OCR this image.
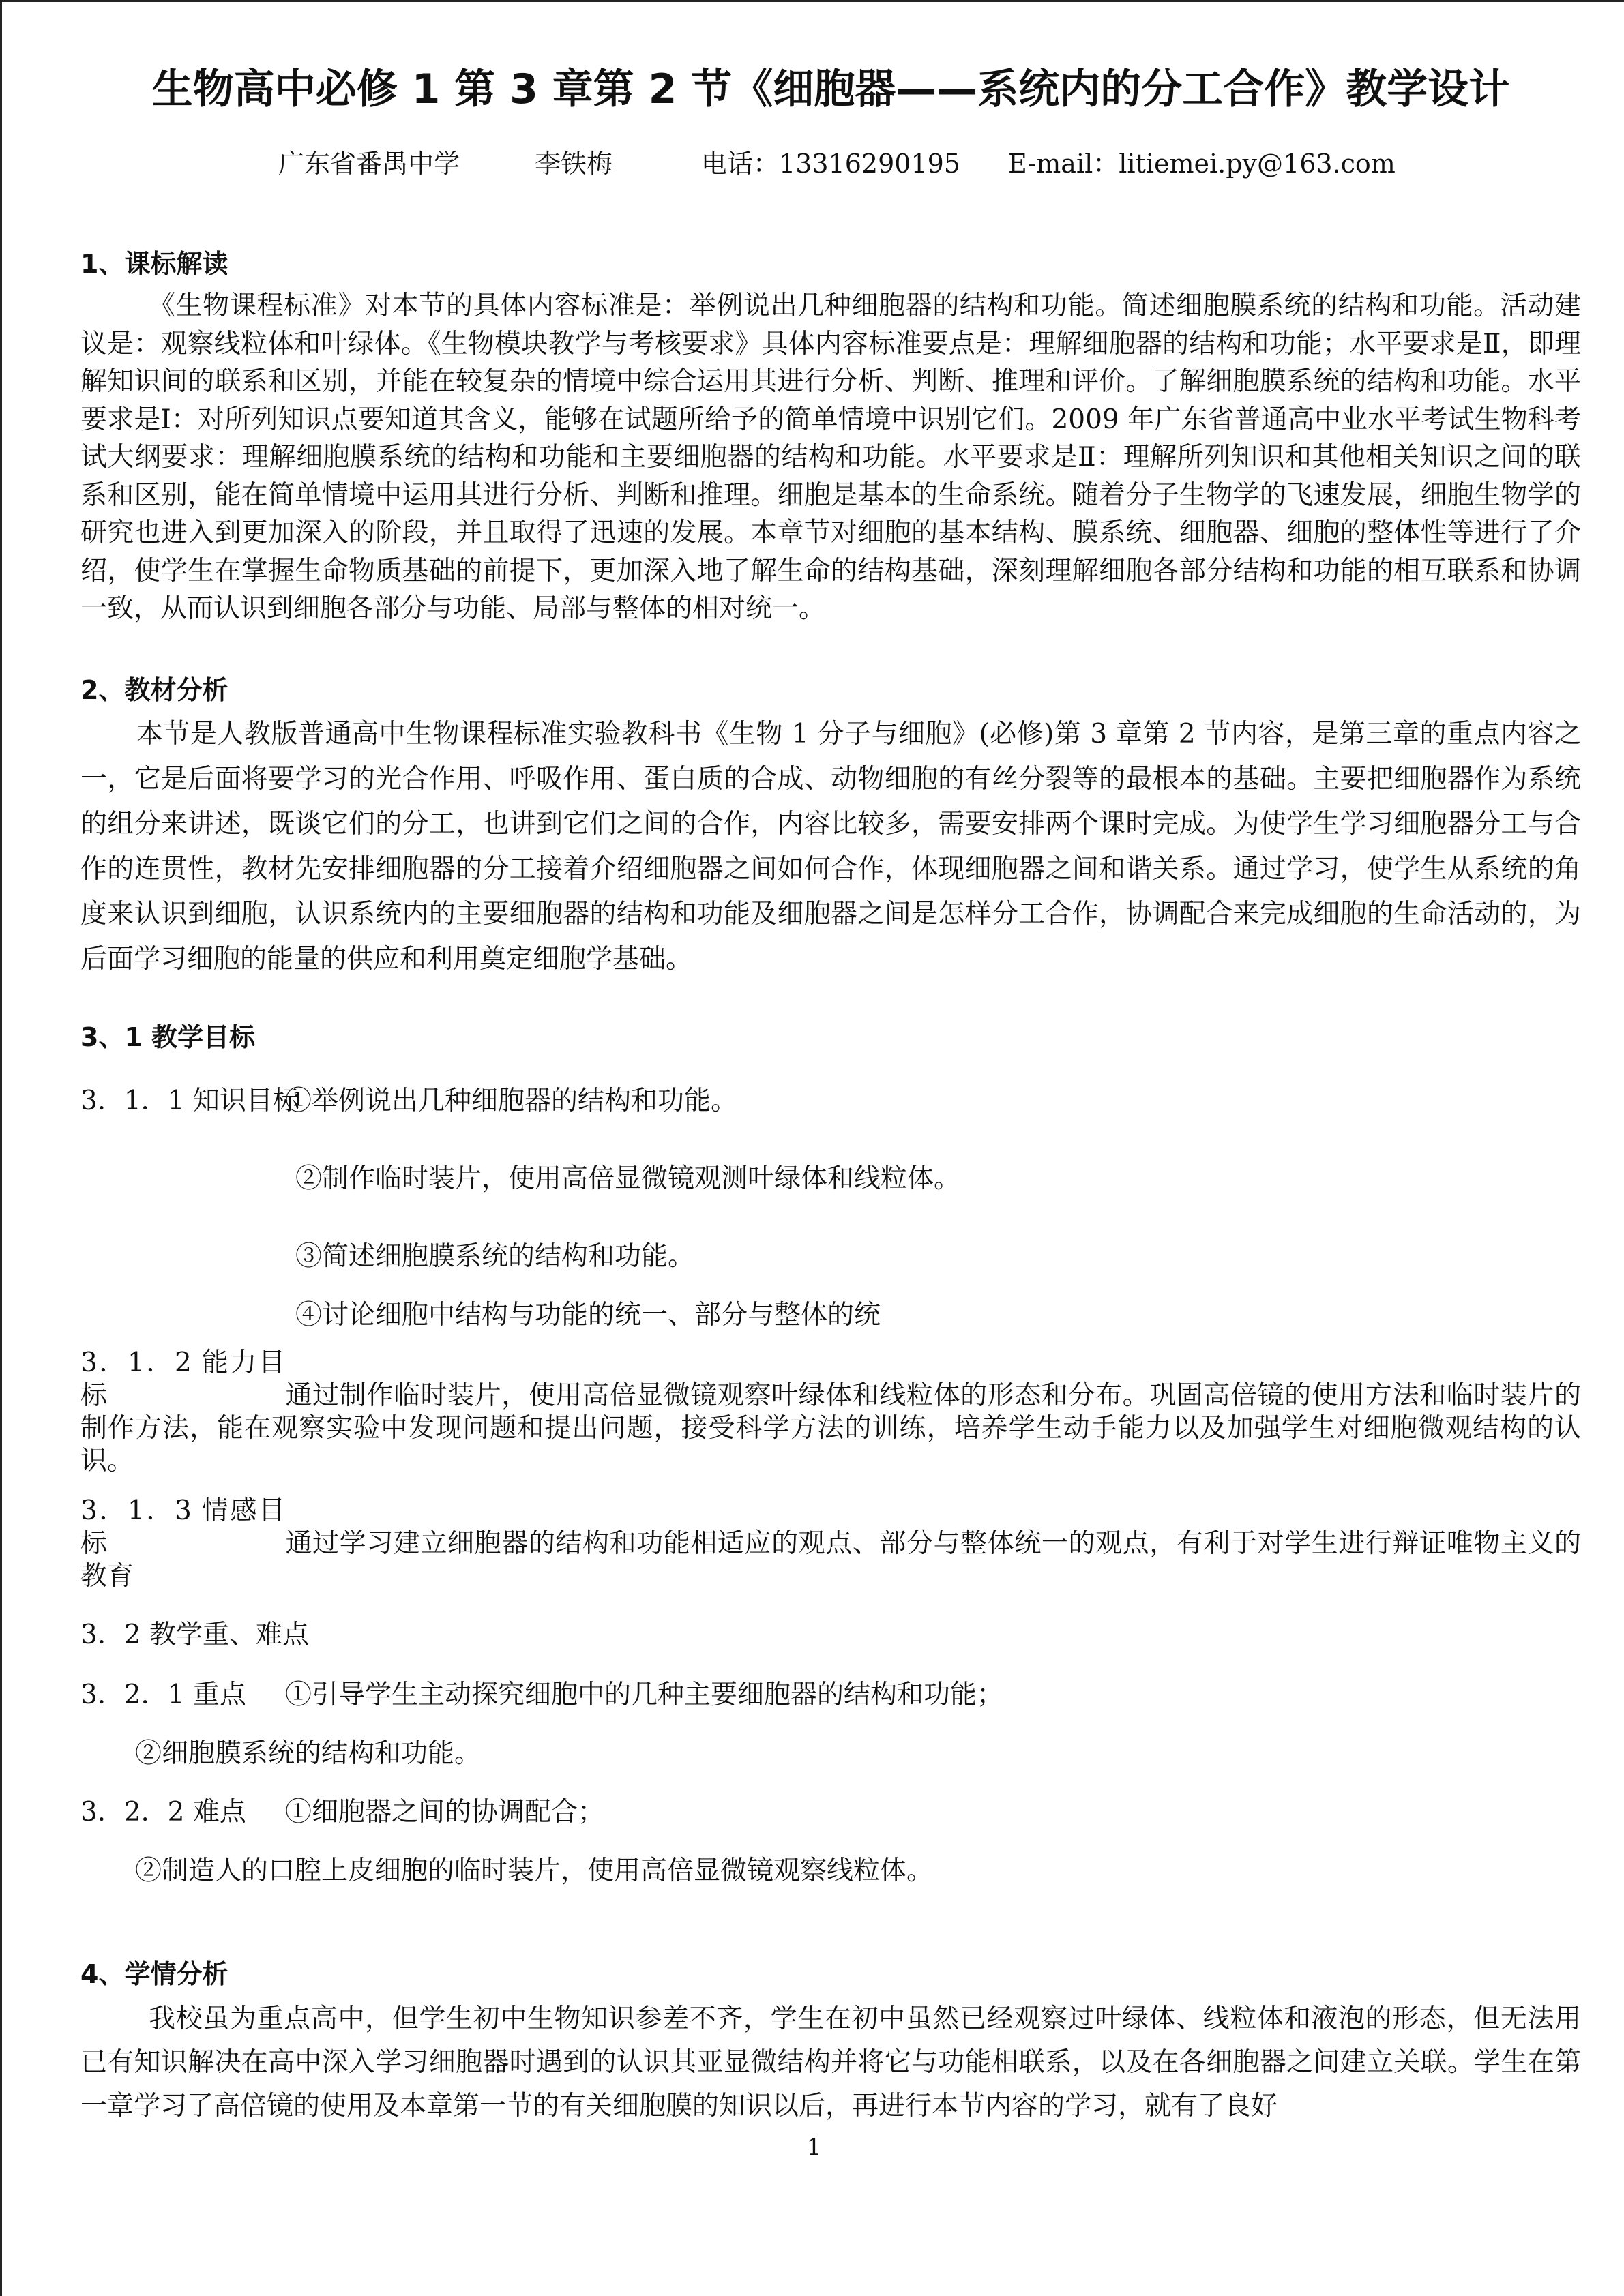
生物高中必修 1 第 3 章第 2 节《细胞器——系统内的分工合作》教学设计
广东省番禺中学	李铁梅	电话：13316290195 E-mail：litiemei.py@163.com
1、课标解读

《生物课程标准》对本节的具体内容标准是：举例说出几种细胞器的结构和功能。简述细胞膜系统的结构和功能。活动建议是：观察线粒体和叶绿体。《生物模块教学与考核要求》具体内容标准要点是：理解细胞器的结构和功能；水平要求是Ⅱ，即理解知识间的联系和区别，并能在较复杂的情境中综合运用其进行分析、判断、推理和评价。了解细胞膜系统的结构和功能。水平要求是Ⅰ：对所列知识点要知道其含义，能够在试题所给予的简单情境中识别它们。2009 年广东省普通高中业水平考试生物科考试大纲要求：理解细胞膜系统的结构和功能和主要细胞器的结构和功能。水平要求是Ⅱ：理解所列知识和其他相关知识之间的联系和区别，能在简单情境中运用其进行分析、判断和推理。细胞是基本的生命系统。随着分子生物学的飞速发展，细胞生物学的研究也进入到更加深入的阶段，并且取得了迅速的发展。本章节对细胞的基本结构、膜系统、细胞器、细胞的整体性等进行了介绍，使学生在掌握生命物质基础的前提下，更加深入地了解生命的结构基础，深刻理解细胞各部分结构和功能的相互联系和协调一致，从而认识到细胞各部分与功能、局部与整体的相对统一。

2、教材分析

本节是人教版普通高中生物课程标准实验教科书《生物 1 分子与细胞》(必修)第 3 章第 2 节内容，是第三章的重点内容之一，它是后面将要学习的光合作用、呼吸作用、蛋白质的合成、动物细胞的有丝分裂等的最根本的基础。主要把细胞器作为系统的组分来讲述，既谈它们的分工，也讲到它们之间的合作，内容比较多，需要安排两个课时完成。为使学生学习细胞器分工与合作的连贯性，教材先安排细胞器的分工接着介绍细胞器之间如何合作，体现细胞器之间和谐关系。通过学习，使学生从系统的角度来认识到细胞，认识系统内的主要细胞器的结构和功能及细胞器之间是怎样分工合作，协调配合来完成细胞的生命活动的，为后面学习细胞的能量的供应和利用奠定细胞学基础。

3、1 教学目标
3．1．1 知识目标①举例说出几种细胞器的结构和功能。
②制作临时装片，使用高倍显微镜观测叶绿体和线粒体。
③简述细胞膜系统的结构和功能。
④讨论细胞中结构与功能的统一、部分与整体的统
3．1．2 能力目标	通过制作临时装片，使用高倍显微镜观察叶绿体和线粒体的形态和分布。巩固高倍镜的使用方法和临时装片的制作方法，能在观察实验中发现问题和提出问题，接受科学方法的训练，培养学生动手能力以及加强学生对细胞微观结构的认识。
3．1．3 情感目标	通过学习建立细胞器的结构和功能相适应的观点、部分与整体统一的观点，有利于对学生进行辩证唯物主义的教育
3．2 教学重、难点
3．2．1 重点 ①引导学生主动探究细胞中的几种主要细胞器的结构和功能；
②细胞膜系统的结构和功能。
3．2．2 难点 ①细胞器之间的协调配合；
②制造人的口腔上皮细胞的临时装片，使用高倍显微镜观察线粒体。
4、学情分析

我校虽为重点高中，但学生初中生物知识参差不齐，学生在初中虽然已经观察过叶绿体、线粒体和液泡的形态，但无法用已有知识解决在高中深入学习细胞器时遇到的认识其亚显微结构并将它与功能相联系，以及在各细胞器之间建立关联。学生在第一章学习了高倍镜的使用及本章第一节的有关细胞膜的知识以后，再进行本节内容的学习，就有了良好

1
